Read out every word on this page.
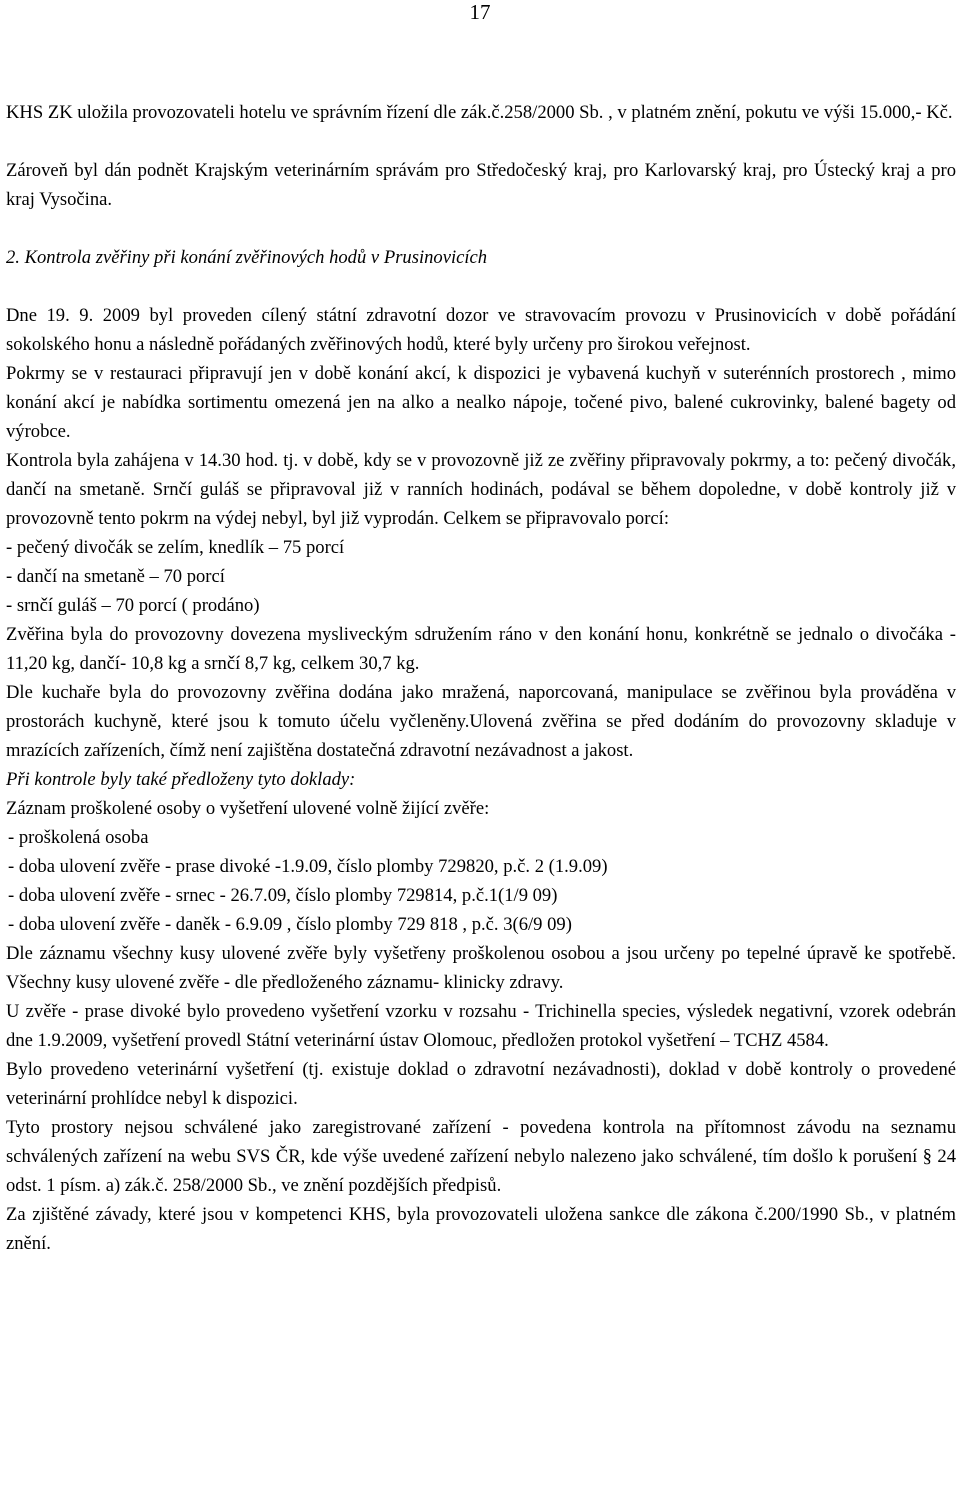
17

KHS ZK uložila provozovateli hotelu ve správním řízení dle zák.č.258/2000 Sb. , v platném znění, pokutu ve výši 15.000,- Kč.

Zároveň byl dán podnět Krajským veterinárním správám pro Středočeský kraj, pro Karlovarský kraj, pro Ústecký kraj a pro kraj Vysočina.

2. Kontrola zvěřiny při konání zvěřinových hodů v Prusinovicích

Dne 19. 9. 2009 byl proveden cílený státní zdravotní dozor ve stravovacím provozu v Prusinovicích v době pořádání sokolského honu a následně pořádaných zvěřinových hodů, které byly určeny pro širokou veřejnost.

Pokrmy se v restauraci připravují jen v době konání akcí, k dispozici je vybavená kuchyň v suterénních prostorech , mimo konání akcí je nabídka sortimentu omezená jen na alko a nealko nápoje, točené pivo, balené cukrovinky, balené bagety od výrobce.

Kontrola byla zahájena v 14.30 hod. tj. v době, kdy se v provozovně již ze zvěřiny připravovaly pokrmy, a to: pečený divočák, dančí na smetaně. Srnčí guláš se připravoval již v ranních hodinách, podával se během dopoledne, v době kontroly již v provozovně tento pokrm na výdej nebyl, byl již vyprodán. Celkem se připravovalo porcí:

- pečený divočák se zelím, knedlík – 75 porcí

- dančí na smetaně – 70 porcí

- srnčí guláš – 70 porcí ( prodáno)

Zvěřina byla do provozovny dovezena mysliveckým sdružením ráno v den konání honu, konkrétně se jednalo o divočáka - 11,20 kg, dančí- 10,8 kg a srnčí 8,7 kg, celkem 30,7 kg.

Dle kuchaře byla do provozovny zvěřina dodána jako mražená, naporcovaná, manipulace se zvěřinou byla prováděna v prostorách kuchyně, které jsou k tomuto účelu vyčleněny.Ulovená zvěřina se před dodáním do provozovny skladuje v mrazících zařízeních, čímž není zajištěna dostatečná zdravotní nezávadnost a jakost.

Při kontrole byly také předloženy tyto doklady:

Záznam proškolené osoby o vyšetření ulovené volně žijící zvěře:

- proškolená osoba

- doba ulovení zvěře - prase divoké -1.9.09, číslo plomby 729820, p.č. 2 (1.9.09)

- doba ulovení zvěře - srnec - 26.7.09, číslo plomby 729814, p.č.1(1/9 09)

- doba ulovení zvěře - daněk - 6.9.09 , číslo plomby 729 818 , p.č. 3(6/9 09)

Dle záznamu všechny kusy ulovené zvěře byly vyšetřeny proškolenou osobou a jsou určeny po tepelné úpravě ke spotřebě. Všechny kusy ulovené zvěře - dle předloženého záznamu- klinicky zdravy.

U zvěře - prase divoké bylo provedeno vyšetření vzorku v rozsahu - Trichinella species, výsledek negativní, vzorek odebrán dne 1.9.2009, vyšetření provedl Státní veterinární ústav Olomouc, předložen protokol vyšetření – TCHZ 4584.

Bylo provedeno veterinární vyšetření (tj. existuje doklad o zdravotní nezávadnosti), doklad v době kontroly o provedené veterinární prohlídce nebyl k dispozici.

Tyto prostory nejsou schválené jako zaregistrované zařízení - povedena kontrola na přítomnost závodu na seznamu schválených zařízení na webu SVS ČR, kde výše uvedené zařízení nebylo nalezeno jako schválené, tím došlo k porušení § 24 odst. 1 písm. a) zák.č. 258/2000 Sb., ve znění pozdějších předpisů.

Za zjištěné závady, které jsou v kompetenci KHS, byla provozovateli uložena sankce dle zákona č.200/1990 Sb., v platném znění.
